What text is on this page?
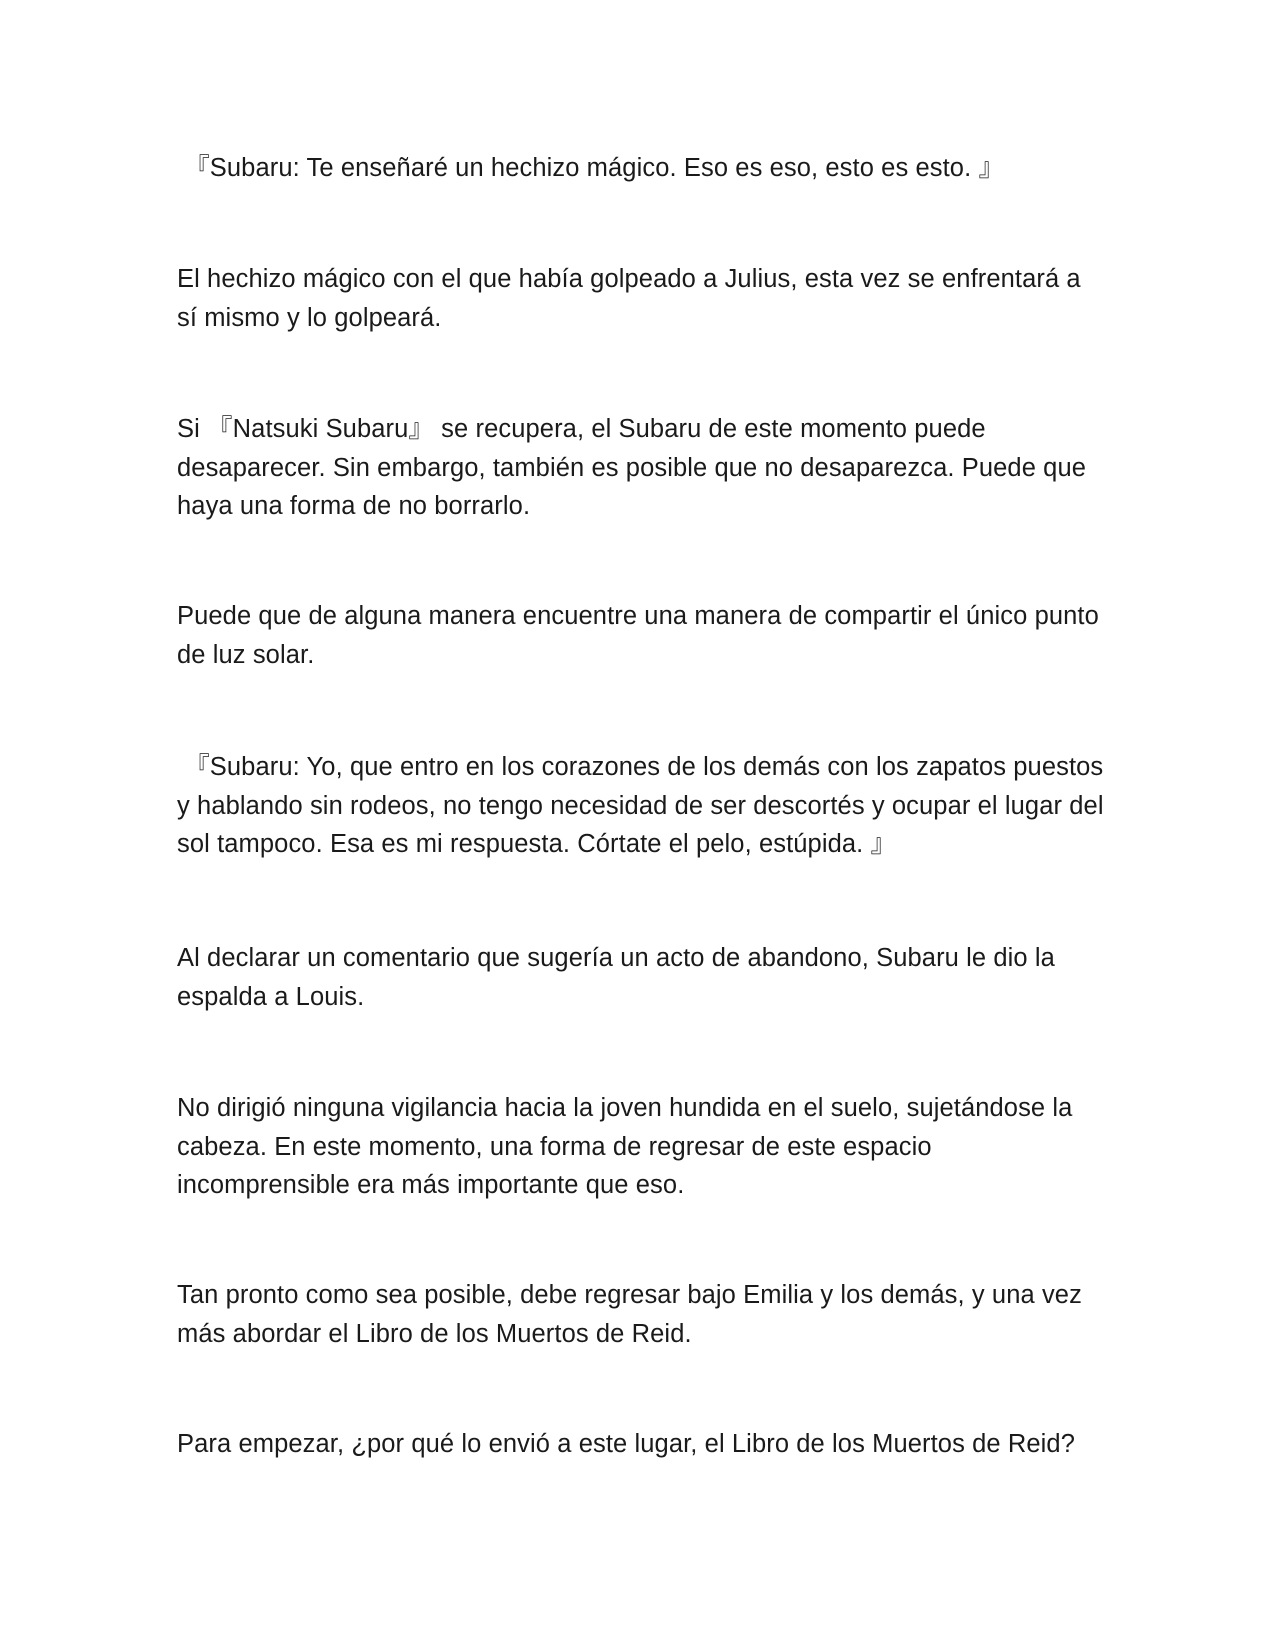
『Subaru: Te enseñaré un hechizo mágico. Eso es eso, esto es esto. 』

El hechizo mágico con el que había golpeado a Julius, esta vez se enfrentará a sí mismo y lo golpeará.

Si 『Natsuki Subaru』 se recupera, el Subaru de este momento puede desaparecer. Sin embargo, también es posible que no desaparezca. Puede que haya una forma de no borrarlo.

Puede que de alguna manera encuentre una manera de compartir el único punto de luz solar.

『Subaru: Yo, que entro en los corazones de los demás con los zapatos puestos y hablando sin rodeos, no tengo necesidad de ser descortés y ocupar el lugar del sol tampoco. Esa es mi respuesta. Córtate el pelo, estúpida. 』

Al declarar un comentario que sugería un acto de abandono, Subaru le dio la espalda a Louis.

No dirigió ninguna vigilancia hacia la joven hundida en el suelo, sujetándose la cabeza. En este momento, una forma de regresar de este espacio incomprensible era más importante que eso.

Tan pronto como sea posible, debe regresar bajo Emilia y los demás, y una vez más abordar el Libro de los Muertos de Reid.

Para empezar, ¿por qué lo envió a este lugar, el Libro de los Muertos de Reid?
